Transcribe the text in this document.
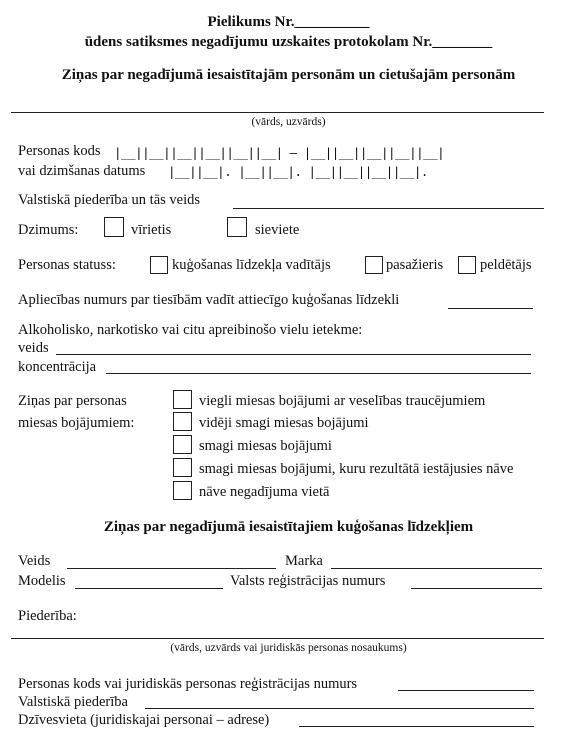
Pielikums Nr.__________
ūdens satiksmes negadījumu uzskaites protokolam Nr.________
Ziņas par negadījumā iesaistītajām personām un cietušajām personām
(vārds, uzvārds)
Personas kods |__||__||__||__||__||__| – |__||__||__||__||__|
vai dzimšanas datums |__||__|. |__||__|. |__||__||__||__|.
Valstiskā piederība un tās veids
Dzimums:	vīrietis	sieviete
Personas statuss:	kuģošanas līdzekļa vadītājs	pasažieris	peldētājs
Apliecības numurs par tiesībām vadīt attiecīgo kuģošanas līdzekli
Alkoholisko, narkotisko vai citu apreibinošo vielu ietekme:
veids
koncentrācija
Ziņas par personas
miesas bojājumiem:
viegli miesas bojājumi ar veselības traucējumiem
vidēji smagi miesas bojājumi
smagi miesas bojājumi
smagi miesas bojājumi, kuru rezultātā iestājusies nāve
nāve negadījuma vietā
Ziņas par negadījumā iesaistītajiem kuģošanas līdzekļiem
Veids	Marka
Modelis	Valsts reģistrācijas numurs
Piederība:
(vārds, uzvārds vai juridiskās personas nosaukums)
Personas kods vai juridiskās personas reģistrācijas numurs
Valstiskā piederība
Dzīvesvieta (juridiskajai personai – adrese)
